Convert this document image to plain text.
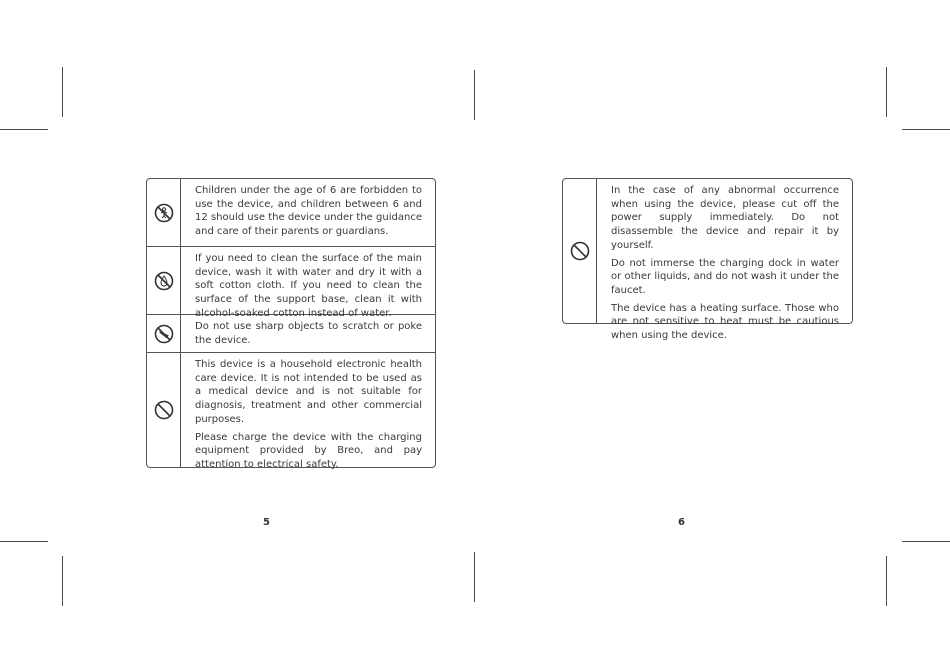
Children under the age of 6 are forbidden to use the device, and children between 6 and 12 should use the device under the guidance and care of their parents or guardians.

If you need to clean the surface of the main device, wash it with water and dry it with a soft cotton cloth. If you need to clean the surface of the support base, clean it with alcohol-soaked cotton instead of water.

Do not use sharp objects to scratch or poke the device.

This device is a household electronic health care device. It is not intended to be used as a medical device and is not suitable for diagnosis, treatment and other commercial purposes.

Please charge the device with the charging equipment provided by Breo, and pay attention to electrical safety.

5

In the case of any abnormal occurrence when using the device, please cut off the power supply immediately. Do not disassemble the device and repair it by yourself.

Do not immerse the charging dock in water or other liquids, and do not wash it under the faucet.

The device has a heating surface. Those who are not sensitive to heat must be cautious when using the device.

6
